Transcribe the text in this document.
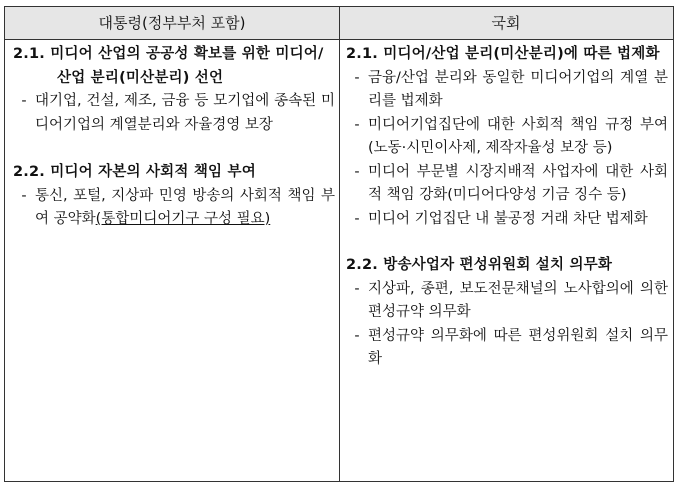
대통령(정부부처 포함)	국회
2.1. 미디어 산업의 공공성 확보를 위한 미디어/
산업 분리(미산분리) 선언
- 대기업, 건설, 제조, 금융 등 모기업에 종속된 미디어기업의 계열분리와 자율경영 보장
2.2. 미디어 자본의 사회적 책임 부여
- 통신, 포털, 지상파 민영 방송의 사회적 책임 부여 공약화(통합미디어기구 구성 필요)
2.1. 미디어/산업 분리(미산분리)에 따른 법제화
- 금융/산업 분리와 동일한 미디어기업의 계열 분리를 법제화
- 미디어기업집단에 대한 사회적 책임 규정 부여(노동·시민이사제, 제작자율성 보장 등)
- 미디어 부문별 시장지배적 사업자에 대한 사회적 책임 강화(미디어다양성 기금 징수 등)
- 미디어 기업집단 내 불공정 거래 차단 법제화
2.2. 방송사업자 편성위원회 설치 의무화
- 지상파, 종편, 보도전문채널의 노사합의에 의한 편성규약 의무화
- 편성규약 의무화에 따른 편성위원회 설치 의무화
